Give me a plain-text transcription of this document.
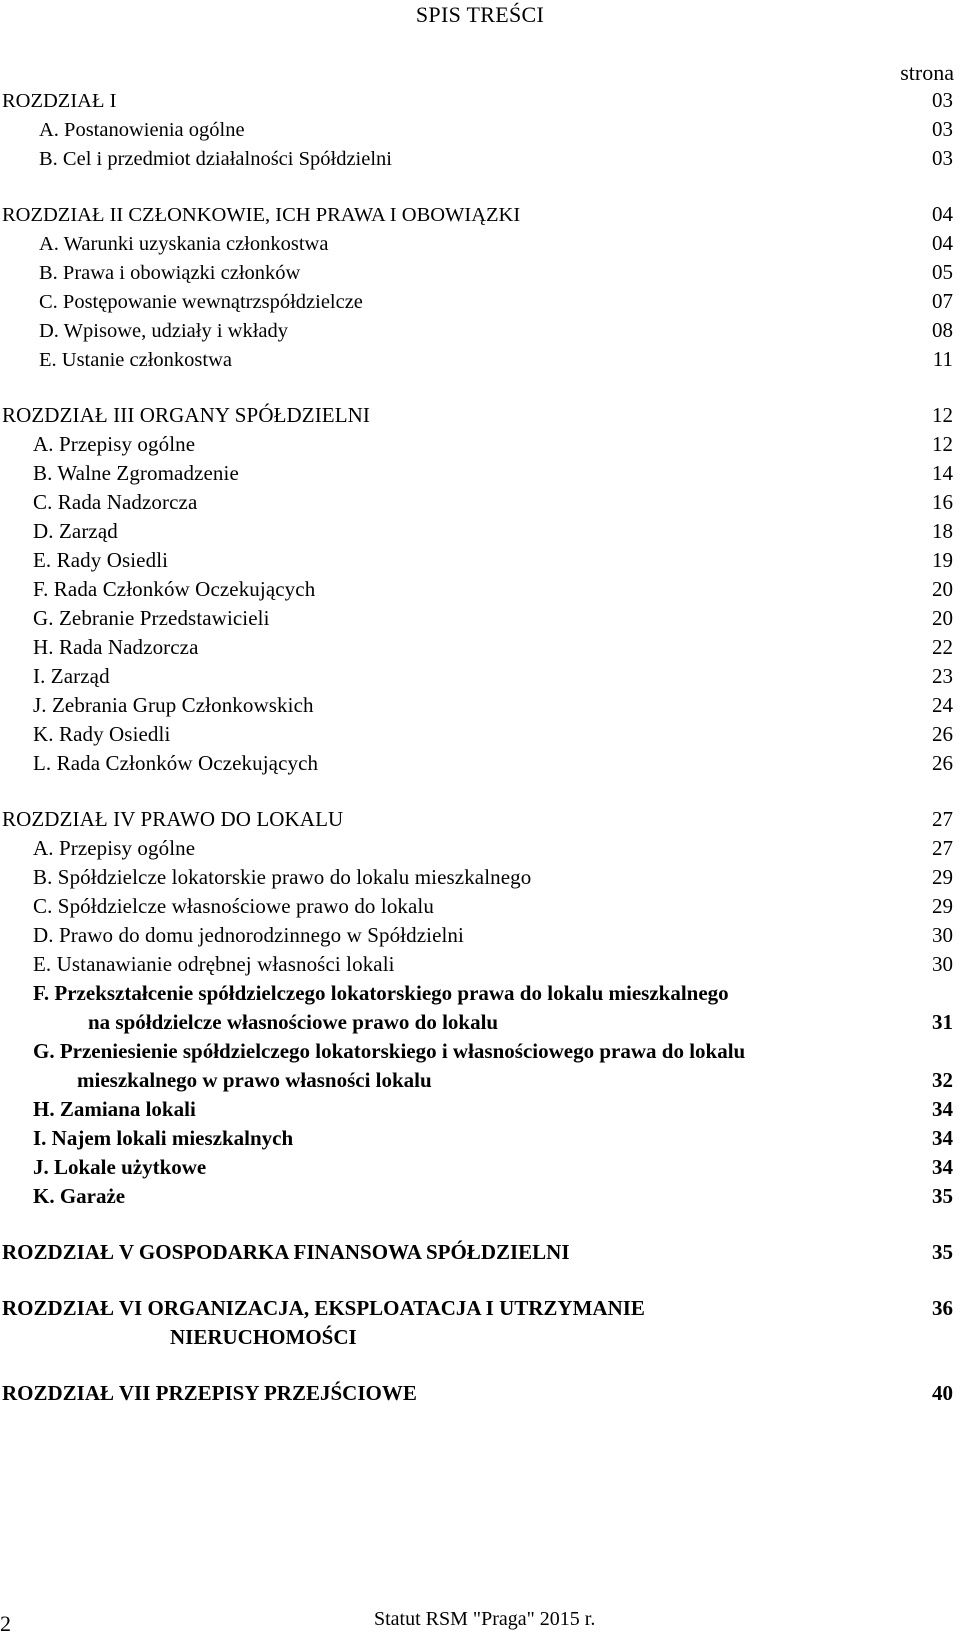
SPIS TREŚCI
strona
ROZDZIAŁ I	03
A. Postanowienia ogólne	03
B. Cel i przedmiot działalności Spółdzielni	03
ROZDZIAŁ II CZŁONKOWIE, ICH PRAWA I OBOWIĄZKI	04
A. Warunki uzyskania członkostwa	04
B. Prawa i obowiązki członków	05
C. Postępowanie wewnątrzspółdzielcze	07
D. Wpisowe, udziały i wkłady	08
E. Ustanie członkostwa	11
ROZDZIAŁ III ORGANY SPÓŁDZIELNI	12
A. Przepisy ogólne	12
B. Walne Zgromadzenie	14
C. Rada Nadzorcza	16
D. Zarząd	18
E. Rady Osiedli	19
F. Rada Członków Oczekujących	20
G. Zebranie Przedstawicieli	20
H. Rada Nadzorcza	22
I. Zarząd	23
J. Zebrania Grup Członkowskich	24
K. Rady Osiedli	26
L. Rada Członków Oczekujących	26
ROZDZIAŁ IV PRAWO DO LOKALU	27
A. Przepisy ogólne	27
B. Spółdzielcze lokatorskie prawo do lokalu mieszkalnego	29
C. Spółdzielcze własnościowe prawo do lokalu	29
D. Prawo do domu jednorodzinnego w Spółdzielni	30
E. Ustanawianie odrębnej własności lokali	30
F. Przekształcenie spółdzielczego lokatorskiego prawa do lokalu mieszkalnego
na spółdzielcze własnościowe prawo do lokalu	31
G. Przeniesienie spółdzielczego lokatorskiego i własnościowego prawa do lokalu
mieszkalnego w prawo własności lokalu	32
H. Zamiana lokali	34
I. Najem lokali mieszkalnych	34
J. Lokale użytkowe	34
K. Garaże	35
ROZDZIAŁ V GOSPODARKA FINANSOWA SPÓŁDZIELNI	35
ROZDZIAŁ VI ORGANIZACJA, EKSPLOATACJA I UTRZYMANIE	36
NIERUCHOMOŚCI
ROZDZIAŁ VII PRZEPISY PRZEJŚCIOWE	40
2	Statut RSM "Praga" 2015 r.
